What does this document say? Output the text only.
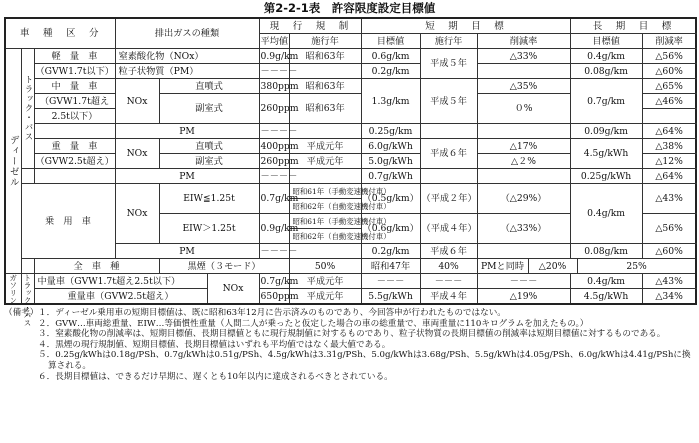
第2-2-1表　許容限度設定目標値
車　種　区　分			排出ガスの種類			現　行　規　制		短　期　目　標				長　期　目　標			
						平均値	施行年	目標値	施行年	削減率		目標値		削減率	
ディーゼル	トラック・バス	軽　量　車	窒素酸化物（NOx）			0.9g/km	昭和63年	0.6g/km	平成５年	△33%		0.4g/km		△56%	
		（GVW1.7t以下）	粒子状物質（PM）			－－－－		0.2g/km				0.08g/km		△60%	
		中　量　車	NOx	直噴式		380ppm	昭和63年	1.3g/km	平成５年	△35%		0.7g/km		△65%	
		（GVW1.7t超え		副室式		260ppm	昭和63年			０%				△46%	
		2.5t以下）													
			PM			－－－－		0.25g/km				0.09g/km		△64%	
		重　量　車	NOx	直噴式		400ppm	平成元年	6.0g/kWh	平成６年	△17%		4.5g/kWh		△38%	
		（GVW2.5t超え）		副室式		260ppm	平成元年	5.0g/kWh		△２%				△12%	
			PM			－－－－		0.7g/kWh				0.25g/kWh		△64%	
	乗　用　車		NOx	EIW≦1.25t		0.7g/km	昭和61年（手動変速機付車）	（0.5g/km）	（平成２年）	（△29%）		0.4g/km		△43%	
							昭和62年（自動変速機付車）								
				EIW＞1.25t		0.9g/km	昭和61年（手動変速機付車）	（0.6g/km）	（平成４年）	（△33%）				△56%	
							昭和62年（自動変速機付車）								
			PM			－－－－		0.2g/km	平成６年			0.08g/km		△60%	

		全　車　種		黒煙（３モード）			50%	昭和47年	40%	PMと同時	△20%		25%	
ガソリン	トラック・バス	中量車（GVW1.7t超え2.5t以下）			NOx	0.7g/km	平成元年	－－－	－－－	－－－		0.4g/km		△43%	
		重量車（GVW2.5t超え）				650ppm	平成元年	5.5g/kWh	平成４年	△19%		4.5g/kWh		△34%	
（備考） １．ディーゼル乗用車の短期目標値は、既に昭和63年12月に告示済みのものであり、今回答申が行われたものではない。
２．GVW…車両総重量、EIW…等価慣性重量（人間二人が乗ったと仮定した場合の車の総重量で、車両重量に110キログラムを加えたもの。）
３．窒素酸化物の削減率は、短期目標値、長期目標値ともに現行規制値に対するものであり、粒子状物質の長期目標値の削減率は短期目標値に対するものである。
４．黒煙の現行規制値、短期目標値、長期目標値はいずれも平均値ではなく最大値である。
５．0.25g/kWhは0.18g/PSh、0.7g/kWhは0.51g/PSh、4.5g/kWhは3.31g/PSh、5.0g/kWhは3.68g/PSh、5.5g/kWhは4.05g/PSh、6.0g/kWhは4.41g/PShに換算される。
６．長期目標値は、できるだけ早期に、遅くとも10年以内に達成されるべきとされている。
